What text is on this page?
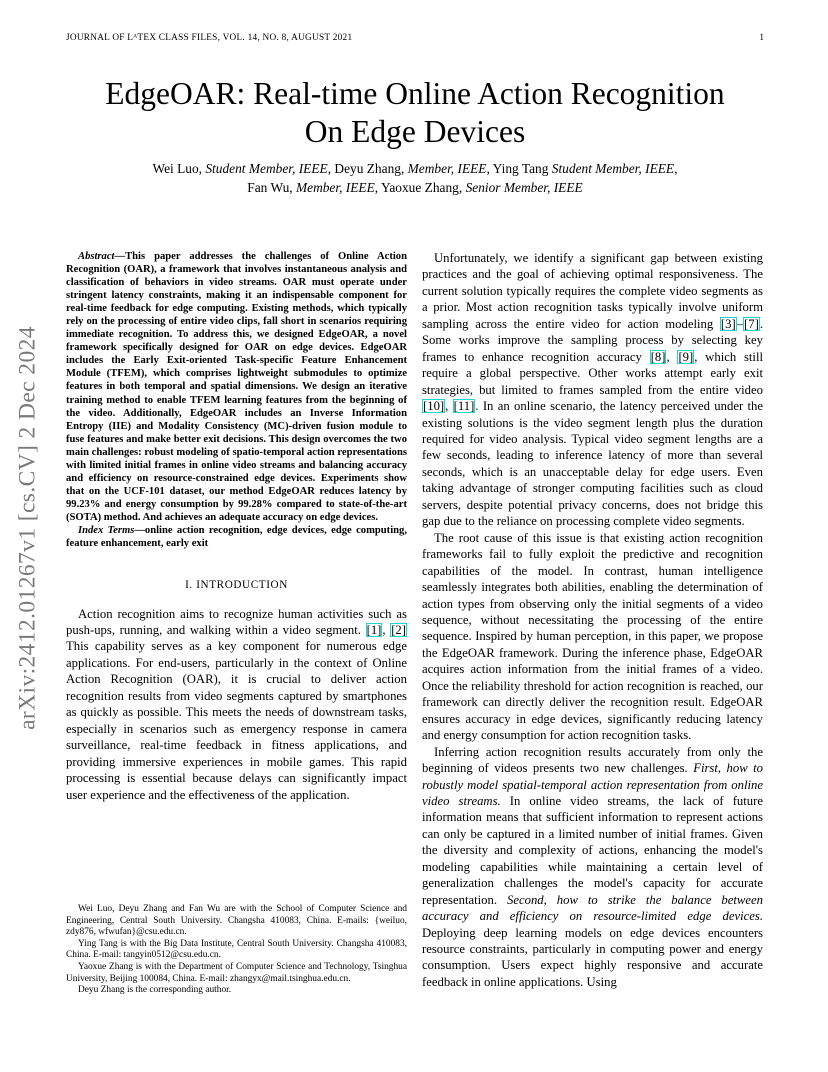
JOURNAL OF LᴬTEX CLASS FILES, VOL. 14, NO. 8, AUGUST 2021	1
arXiv:2412.01267v1 [cs.CV] 2 Dec 2024
EdgeOAR: Real-time Online Action Recognition
On Edge Devices
Wei Luo, Student Member, IEEE, Deyu Zhang, Member, IEEE, Ying Tang Student Member, IEEE,
Fan Wu, Member, IEEE, Yaoxue Zhang, Senior Member, IEEE

Abstract—This paper addresses the challenges of Online Action Recognition (OAR), a framework that involves instantaneous analysis and classification of behaviors in video streams. OAR must operate under stringent latency constraints, making it an indispensable component for real-time feedback for edge computing. Existing methods, which typically rely on the processing of entire video clips, fall short in scenarios requiring immediate recognition. To address this, we designed EdgeOAR, a novel framework specifically designed for OAR on edge devices. EdgeOAR includes the Early Exit-oriented Task-specific Feature Enhancement Module (TFEM), which comprises lightweight submodules to optimize features in both temporal and spatial dimensions. We design an iterative training method to enable TFEM learning features from the beginning of the video. Additionally, EdgeOAR includes an Inverse Information Entropy (IIE) and Modality Consistency (MC)-driven fusion module to fuse features and make better exit decisions. This design overcomes the two main challenges: robust modeling of spatio-temporal action representations with limited initial frames in online video streams and balancing accuracy and efficiency on resource-constrained edge devices. Experiments show that on the UCF-101 dataset, our method EdgeOAR reduces latency by 99.23% and energy consumption by 99.28% compared to state-of-the-art (SOTA) method. And achieves an adequate accuracy on edge devices.

Index Terms—online action recognition, edge devices, edge computing, feature enhancement, early exit

I. INTRODUCTION

Action recognition aims to recognize human activities such as push-ups, running, and walking within a video segment. [1], [2] This capability serves as a key component for numerous edge applications. For end-users, particularly in the context of Online Action Recognition (OAR), it is crucial to deliver action recognition results from video segments captured by smartphones as quickly as possible. This meets the needs of downstream tasks, especially in scenarios such as emergency response in camera surveillance, real-time feedback in fitness applications, and providing immersive experiences in mobile games. This rapid processing is essential because delays can significantly impact user experience and the effectiveness of the application.

Wei Luo, Deyu Zhang and Fan Wu are with the School of Computer Science and Engineering, Central South University. Changsha 410083, China. E-mails: {weiluo, zdy876, wfwufan}@csu.edu.cn.

Ying Tang is with the Big Data Institute, Central South University. Changsha 410083, China. E-mail: tangyin0512@csu.edu.cn.

Yaoxue Zhang is with the Department of Computer Science and Technology, Tsinghua University, Beijing 100084, China. E-mail: zhangyx@mail.tsinghua.edu.cn.

Deyu Zhang is the corresponding author.

Unfortunately, we identify a significant gap between existing practices and the goal of achieving optimal responsiveness. The current solution typically requires the complete video segments as a prior. Most action recognition tasks typically involve uniform sampling across the entire video for action modeling [3]–[7]. Some works improve the sampling process by selecting key frames to enhance recognition accuracy [8], [9], which still require a global perspective. Other works attempt early exit strategies, but limited to frames sampled from the entire video [10], [11]. In an online scenario, the latency perceived under the existing solutions is the video segment length plus the duration required for video analysis. Typical video segment lengths are a few seconds, leading to inference latency of more than several seconds, which is an unacceptable delay for edge users. Even taking advantage of stronger computing facilities such as cloud servers, despite potential privacy concerns, does not bridge this gap due to the reliance on processing complete video segments.

The root cause of this issue is that existing action recognition frameworks fail to fully exploit the predictive and recognition capabilities of the model. In contrast, human intelligence seamlessly integrates both abilities, enabling the determination of action types from observing only the initial segments of a video sequence, without necessitating the processing of the entire sequence. Inspired by human perception, in this paper, we propose the EdgeOAR framework. During the inference phase, EdgeOAR acquires action information from the initial frames of a video. Once the reliability threshold for action recognition is reached, our framework can directly deliver the recognition result. EdgeOAR ensures accuracy in edge devices, significantly reducing latency and energy consumption for action recognition tasks.

Inferring action recognition results accurately from only the beginning of videos presents two new challenges. First, how to robustly model spatial-temporal action representation from online video streams. In online video streams, the lack of future information means that sufficient information to represent actions can only be captured in a limited number of initial frames. Given the diversity and complexity of actions, enhancing the model's modeling capabilities while maintaining a certain level of generalization challenges the model's capacity for accurate representation. Second, how to strike the balance between accuracy and efficiency on resource-limited edge devices. Deploying deep learning models on edge devices encounters resource constraints, particularly in computing power and energy consumption. Users expect highly responsive and accurate feedback in online applications. Using
